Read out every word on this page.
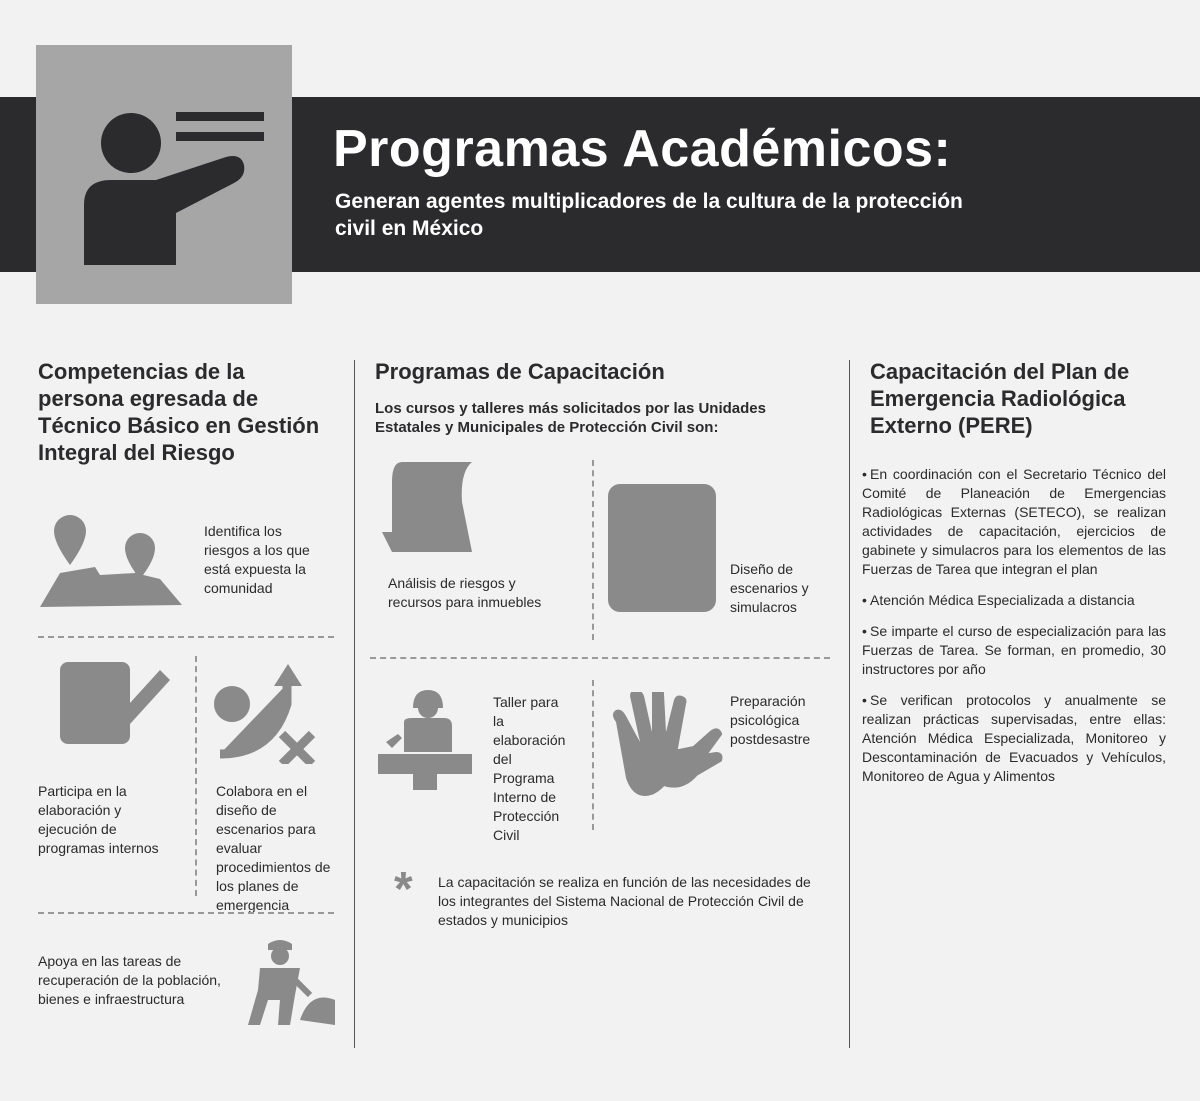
Programas Académicos:
Generan agentes multiplicadores de la cultura de la protección civil en México
Competencias de la persona egresada de Técnico Básico en Gestión Integral del Riesgo
Identifica los riesgos a los que está expuesta la comunidad
Participa en la elaboración y ejecución de programas internos
Colabora en el diseño de escenarios para evaluar procedimientos de los planes de emergencia
Apoya en las tareas de recuperación de la población, bienes e infraestructura
Programas de Capacitación
Los cursos y talleres más solicitados por las Unidades Estatales y Municipales de Protección Civil son:
Análisis de riesgos y recursos para inmuebles
Diseño de escenarios y simulacros
Taller para la elaboración del Programa Interno de Protección Civil
Preparación psicológica postdesastre
* La capacitación se realiza en función de las necesidades de los integrantes del Sistema Nacional de Protección Civil de estados y municipios
Capacitación del Plan de Emergencia Radiológica Externo (PERE)
• En coordinación con el Secretario Técnico del Comité de Planeación de Emergencias Radiológicas Externas (SETECO), se realizan actividades de capacitación, ejercicios de gabinete y simulacros para los elementos de las Fuerzas de Tarea que integran el plan
• Atención Médica Especializada a distancia
• Se imparte el curso de especialización para las Fuerzas de Tarea. Se forman, en promedio, 30 instructores por año
• Se verifican protocolos y anualmente se realizan prácticas supervisadas, entre ellas: Atención Médica Especializada, Monitoreo y Descontaminación de Evacuados y Vehículos, Monitoreo de Agua y Alimentos
